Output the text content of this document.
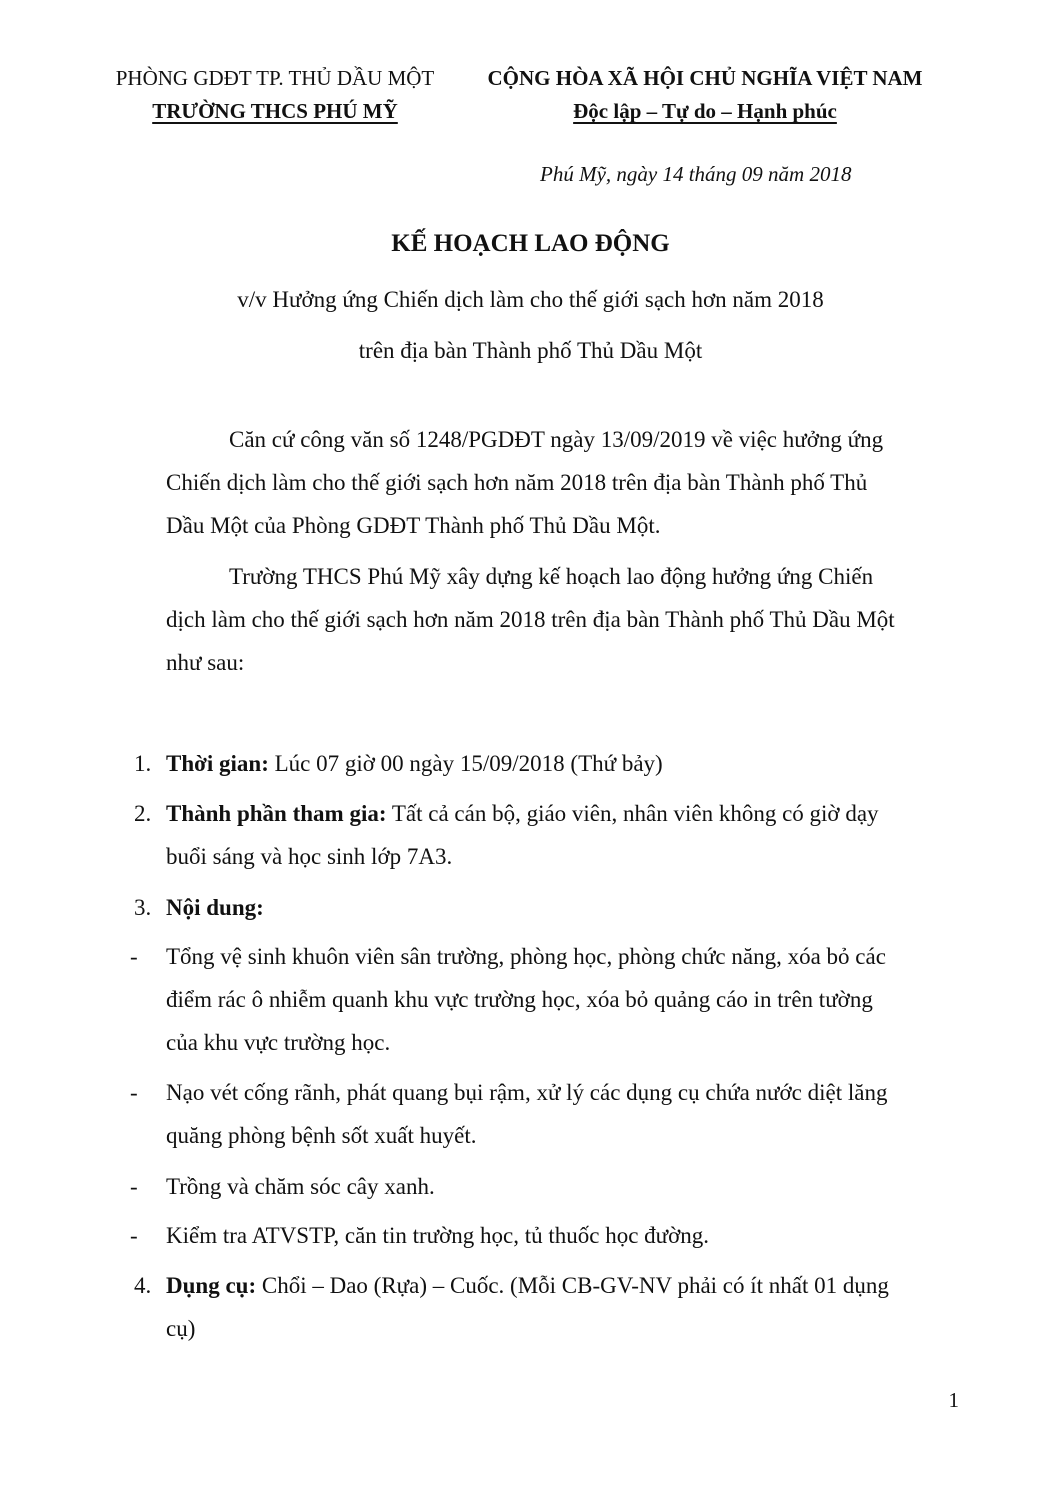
PHÒNG GDĐT TP. THỦ DẦU MỘT
TRƯỜNG THCS PHÚ MỸ
CỘNG HÒA XÃ HỘI CHỦ NGHĨA VIỆT NAM
Độc lập – Tự do – Hạnh phúc
Phú Mỹ, ngày 14 tháng 09 năm 2018
KẾ HOẠCH LAO ĐỘNG
v/v Hưởng ứng Chiến dịch làm cho thế giới sạch hơn năm 2018
trên địa bàn Thành phố Thủ Dầu Một
Căn cứ công văn số 1248/PGDĐT ngày 13/09/2019 về việc hưởng ứng
Chiến dịch làm cho thế giới sạch hơn năm 2018 trên địa bàn Thành phố Thủ
Dầu Một của Phòng GDĐT Thành phố Thủ Dầu Một.
Trường THCS Phú Mỹ xây dựng kế hoạch lao động hưởng ứng Chiến
dịch làm cho thế giới sạch hơn năm 2018 trên địa bàn Thành phố Thủ Dầu Một
như sau:
1. Thời gian: Lúc 07 giờ 00 ngày 15/09/2018 (Thứ bảy)
2. Thành phần tham gia: Tất cả cán bộ, giáo viên, nhân viên không có giờ dạy
buổi sáng và học sinh lớp 7A3.
3. Nội dung:
- Tổng vệ sinh khuôn viên sân trường, phòng học, phòng chức năng, xóa bỏ các
điểm rác ô nhiễm quanh khu vực trường học, xóa bỏ quảng cáo in trên tường
của khu vực trường học.
- Nạo vét cống rãnh, phát quang bụi rậm, xử lý các dụng cụ chứa nước diệt lăng
quăng phòng bệnh sốt xuất huyết.
- Trồng và chăm sóc cây xanh.
- Kiểm tra ATVSTP, căn tin trường học, tủ thuốc học đường.
4. Dụng cụ: Chổi – Dao (Rựa) – Cuốc. (Mỗi CB-GV-NV phải có ít nhất 01 dụng
cụ)
1
